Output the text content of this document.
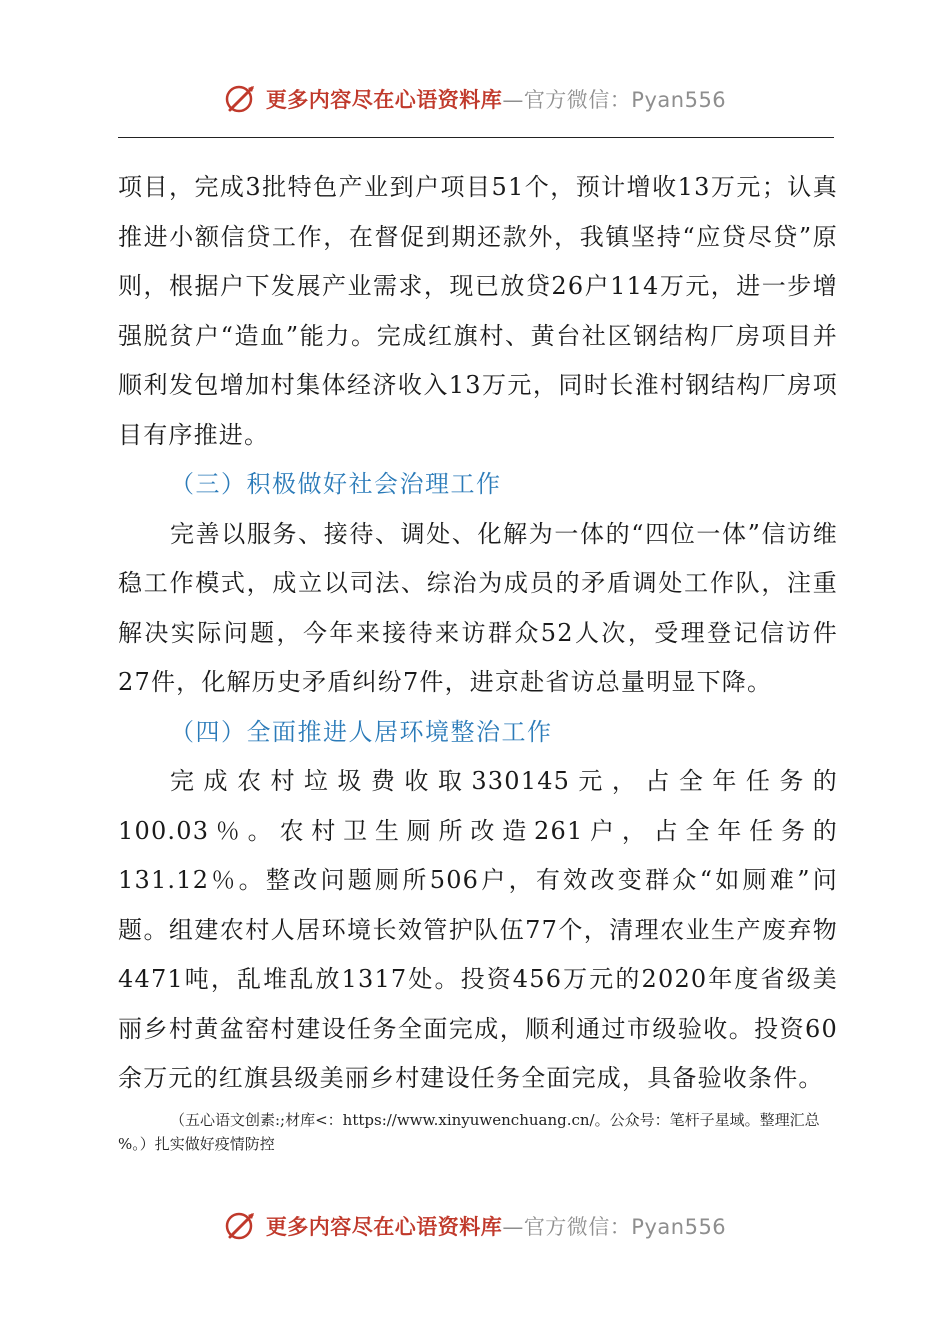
更多内容尽在心语资料库—官方微信：Pyan556

项目，完成3批特色产业到户项目51个，预计增收13万元；认真推进小额信贷工作，在督促到期还款外，我镇坚持“应贷尽贷”原则，根据户下发展产业需求，现已放贷26户114万元，进一步增强脱贫户“造血”能力。完成红旗村、黄台社区钢结构厂房项目并顺利发包增加村集体经济收入13万元，同时长淮村钢结构厂房项目有序推进。

（三）积极做好社会治理工作

完善以服务、接待、调处、化解为一体的“四位一体”信访维稳工作模式，成立以司法、综治为成员的矛盾调处工作队，注重解决实际问题，今年来接待来访群众52人次，受理登记信访件27件，化解历史矛盾纠纷7件，进京赴省访总量明显下降。

（四）全面推进人居环境整治工作

完成农村垃圾费收取330145元，占全年任务的100.03％。农村卫生厕所改造261户，占全年任务的131.12％。整改问题厕所506户，有效改变群众“如厕难”问题。组建农村人居环境长效管护队伍77个，清理农业生产废弃物4471吨，乱堆乱放1317处。投资456万元的2020年度省级美丽乡村黄盆窑村建设任务全面完成，顺利通过市级验收。投资60余万元的红旗县级美丽乡村建设任务全面完成，具备验收条件。

（五心语文创素:;材库<：https://www.xinyuwenchuang.cn/。公众号：笔杆子星域。整理汇总
%。）扎实做好疫情防控
更多内容尽在心语资料库—官方微信：Pyan556
